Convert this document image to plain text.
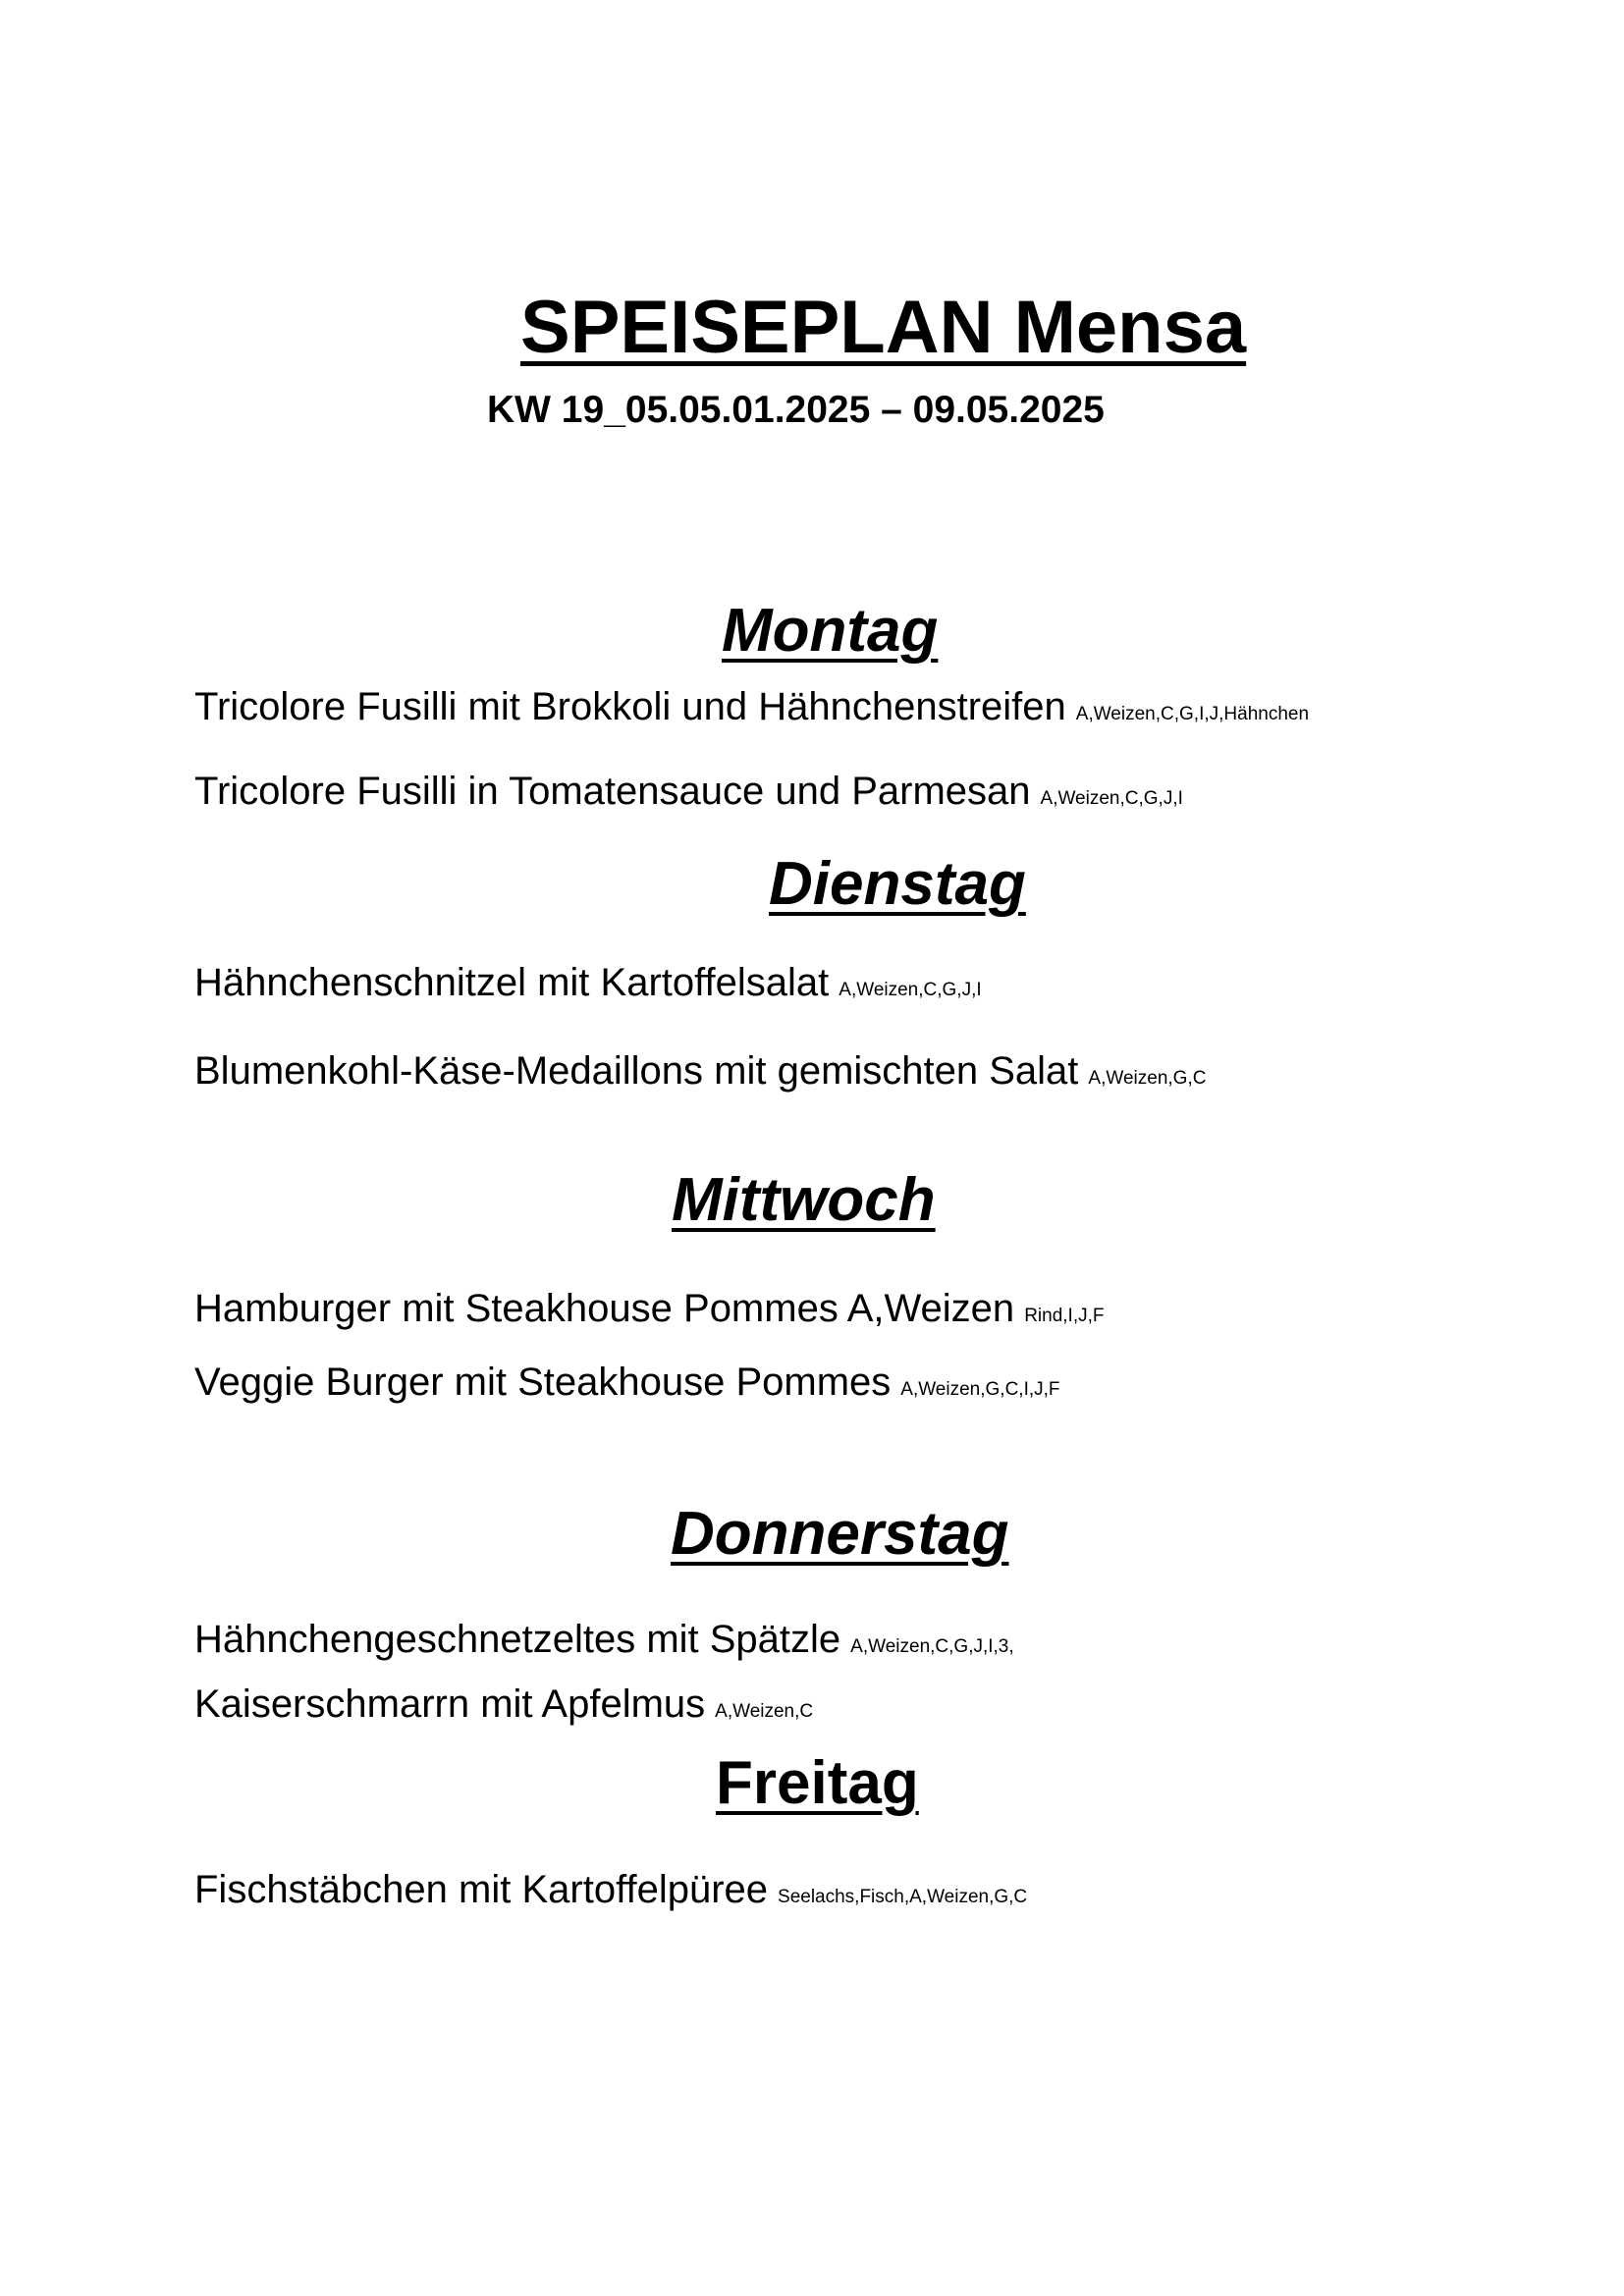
SPEISEPLAN Mensa
KW 19_05.05.01.2025 – 09.05.2025
Montag

Tricolore Fusilli mit Brokkoli und Hähnchenstreifen A,Weizen,C,G,I,J,Hähnchen

Tricolore Fusilli in Tomatensauce und Parmesan A,Weizen,C,G,J,I

Dienstag

Hähnchenschnitzel mit Kartoffelsalat A,Weizen,C,G,J,I

Blumenkohl-Käse-Medaillons mit gemischten Salat A,Weizen,G,C

Mittwoch

Hamburger mit Steakhouse Pommes A,Weizen Rind,I,J,F

Veggie Burger mit Steakhouse Pommes A,Weizen,G,C,I,J,F

Donnerstag

Hähnchengeschnetzeltes mit Spätzle A,Weizen,C,G,J,I,3,

Kaiserschmarrn mit Apfelmus A,Weizen,C

Freitag

Fischstäbchen mit Kartoffelpüree Seelachs,Fisch,A,Weizen,G,C
